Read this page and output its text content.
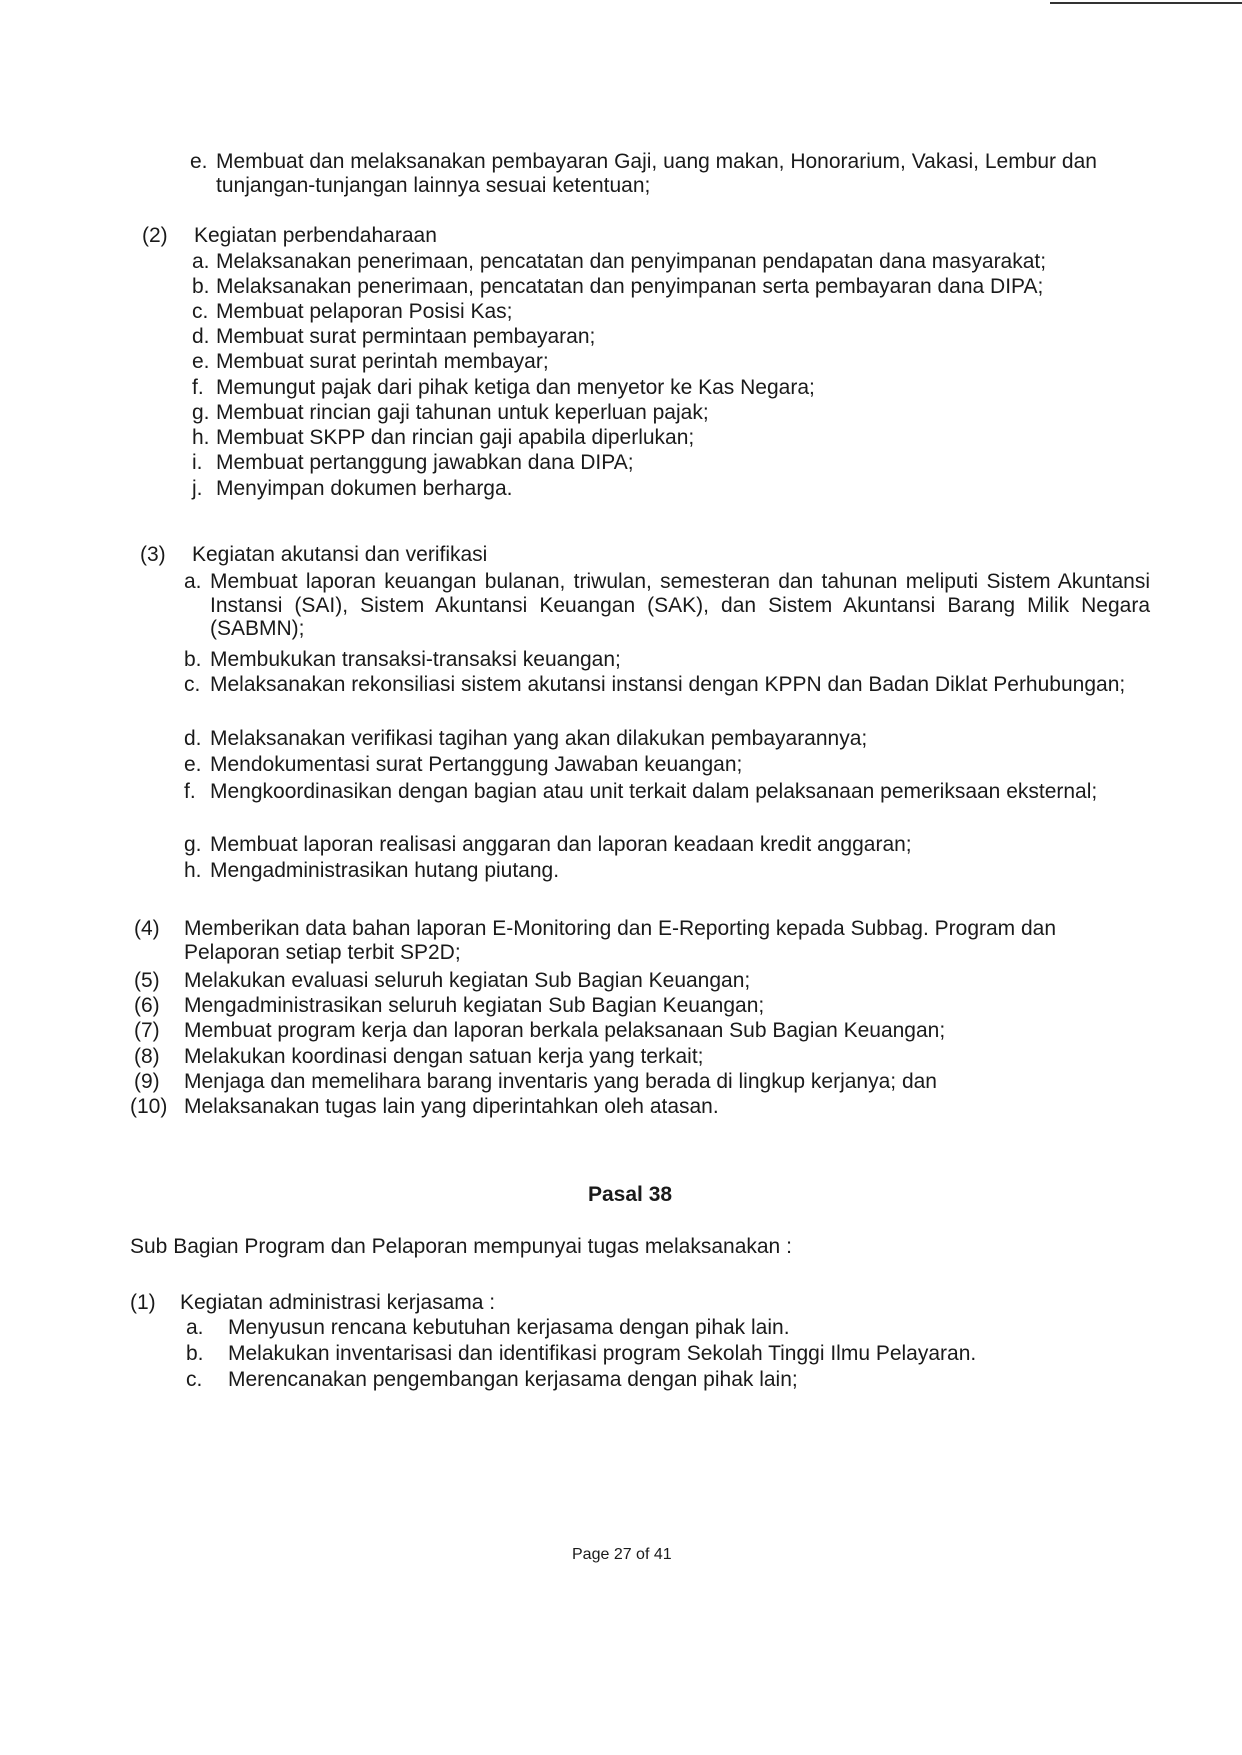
e. Membuat dan melaksanakan pembayaran Gaji, uang makan, Honorarium, Vakasi, Lembur dan tunjangan-tunjangan lainnya sesuai ketentuan;
(2)	Kegiatan perbendaharaan
a. Melaksanakan penerimaan, pencatatan dan penyimpanan pendapatan dana masyarakat;
b. Melaksanakan penerimaan, pencatatan dan penyimpanan serta pembayaran dana DIPA;
c. Membuat pelaporan Posisi Kas;
d. Membuat surat permintaan pembayaran;
e. Membuat surat perintah membayar;
f. Memungut pajak dari pihak ketiga dan menyetor ke Kas Negara;
g. Membuat rincian gaji tahunan untuk keperluan pajak;
h. Membuat SKPP dan rincian gaji apabila diperlukan;
i. Membuat pertanggung jawabkan dana DIPA;
j. Menyimpan dokumen berharga.
(3)	Kegiatan akutansi dan verifikasi
a. Membuat laporan keuangan bulanan, triwulan, semesteran dan tahunan meliputi Sistem Akuntansi Instansi (SAI), Sistem Akuntansi Keuangan (SAK), dan Sistem Akuntansi Barang Milik Negara (SABMN);
b. Membukukan transaksi-transaksi keuangan;
c. Melaksanakan rekonsiliasi sistem akutansi instansi dengan KPPN dan Badan Diklat Perhubungan;
d. Melaksanakan verifikasi tagihan yang akan dilakukan pembayarannya;
e. Mendokumentasi surat Pertanggung Jawaban keuangan;
f. Mengkoordinasikan dengan bagian atau unit terkait dalam pelaksanaan pemeriksaan eksternal;
g. Membuat laporan realisasi anggaran dan laporan keadaan kredit anggaran;
h. Mengadministrasikan hutang piutang.
(4)	Memberikan data bahan laporan E-Monitoring dan E-Reporting kepada Subbag. Program dan Pelaporan setiap terbit SP2D;
(5)	Melakukan evaluasi seluruh kegiatan Sub Bagian Keuangan;
(6)	Mengadministrasikan seluruh kegiatan Sub Bagian Keuangan;
(7)	Membuat program kerja dan laporan berkala pelaksanaan Sub Bagian Keuangan;
(8)	Melakukan koordinasi dengan satuan kerja yang terkait;
(9)	Menjaga dan memelihara barang inventaris yang berada di lingkup kerjanya; dan
(10) Melaksanakan tugas lain yang diperintahkan oleh atasan.
Pasal 38
Sub Bagian Program dan Pelaporan mempunyai tugas melaksanakan :
(1)	Kegiatan administrasi kerjasama :
a.	Menyusun rencana kebutuhan kerjasama dengan pihak lain.
b.	Melakukan inventarisasi dan identifikasi program Sekolah Tinggi Ilmu Pelayaran.
c.	Merencanakan pengembangan kerjasama dengan pihak lain;
Page 27 of 41
